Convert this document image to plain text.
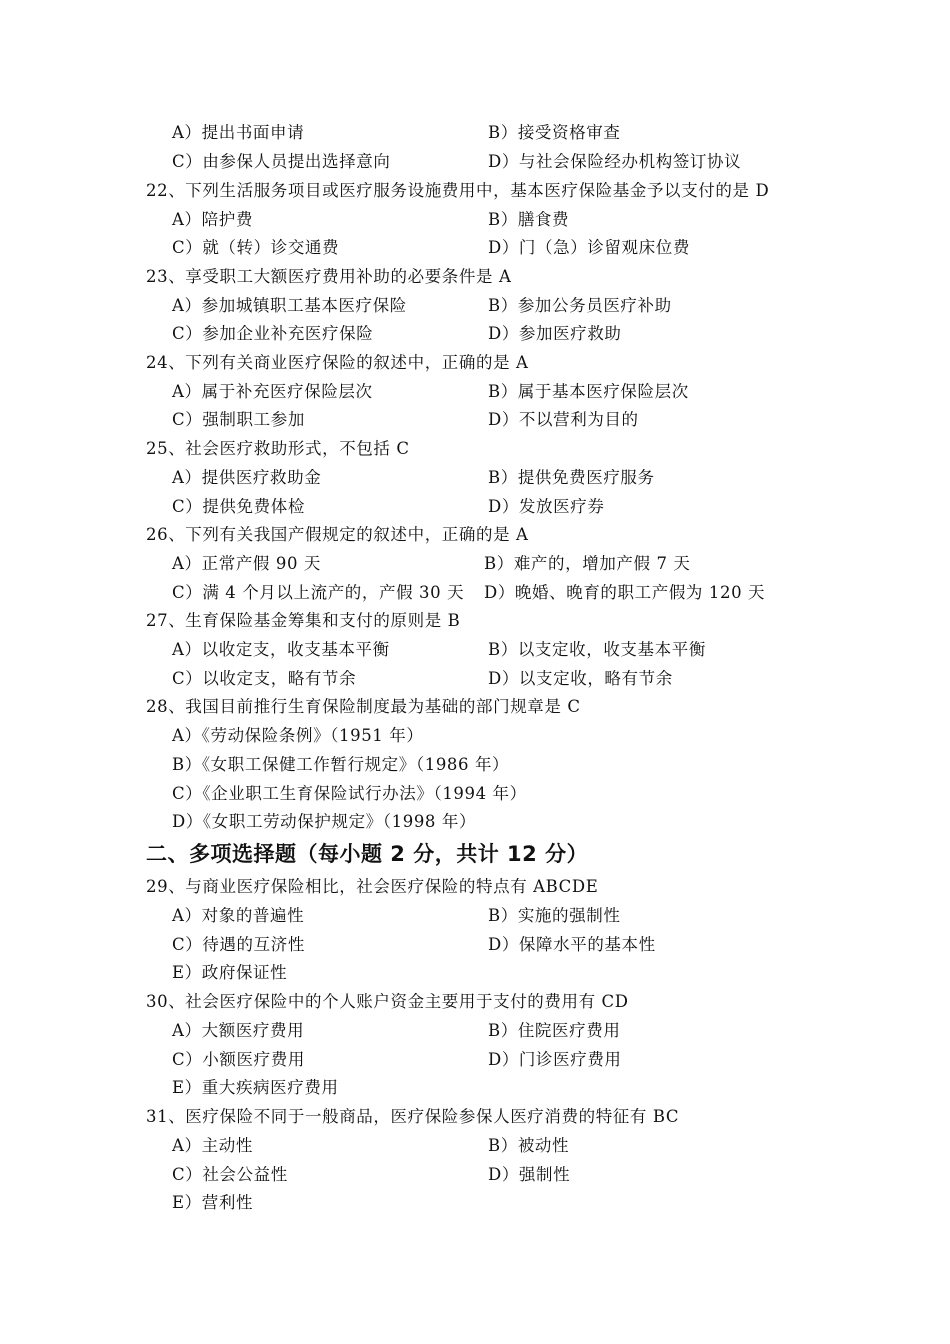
A）提出书面申请	B）接受资格审查
C）由参保人员提出选择意向	D）与社会保险经办机构签订协议
22、下列生活服务项目或医疗服务设施费用中，基本医疗保险基金予以支付的是 D
A）陪护费	B）膳食费
C）就（转）诊交通费	D）门（急）诊留观床位费
23、享受职工大额医疗费用补助的必要条件是 A
A）参加城镇职工基本医疗保险	B）参加公务员医疗补助
C）参加企业补充医疗保险	D）参加医疗救助
24、下列有关商业医疗保险的叙述中，正确的是 A
A）属于补充医疗保险层次	B）属于基本医疗保险层次
C）强制职工参加	D）不以营利为目的
25、社会医疗救助形式，不包括 C
A）提供医疗救助金	B）提供免费医疗服务
C）提供免费体检	D）发放医疗券
26、下列有关我国产假规定的叙述中，正确的是 A
A）正常产假 90 天	B）难产的，增加产假 7 天
C）满 4 个月以上流产的，产假 30 天 D）晚婚、晚育的职工产假为 120 天
27、生育保险基金筹集和支付的原则是 B
A）以收定支，收支基本平衡	B）以支定收，收支基本平衡
C）以收定支，略有节余	D）以支定收，略有节余
28、我国目前推行生育保险制度最为基础的部门规章是 C
A）《劳动保险条例》（1951 年）
B）《女职工保健工作暂行规定》（1986 年）
C）《企业职工生育保险试行办法》（1994 年）
D）《女职工劳动保护规定》（1998 年）
二、多项选择题（每小题 2 分，共计 12 分）
29、与商业医疗保险相比，社会医疗保险的特点有 ABCDE
A）对象的普遍性	B）实施的强制性
C）待遇的互济性	D）保障水平的基本性
E）政府保证性
30、社会医疗保险中的个人账户资金主要用于支付的费用有 CD
A）大额医疗费用	B）住院医疗费用
C）小额医疗费用	D）门诊医疗费用
E）重大疾病医疗费用
31、医疗保险不同于一般商品，医疗保险参保人医疗消费的特征有 BC
A）主动性	B）被动性
C）社会公益性	D）强制性
E）营利性
